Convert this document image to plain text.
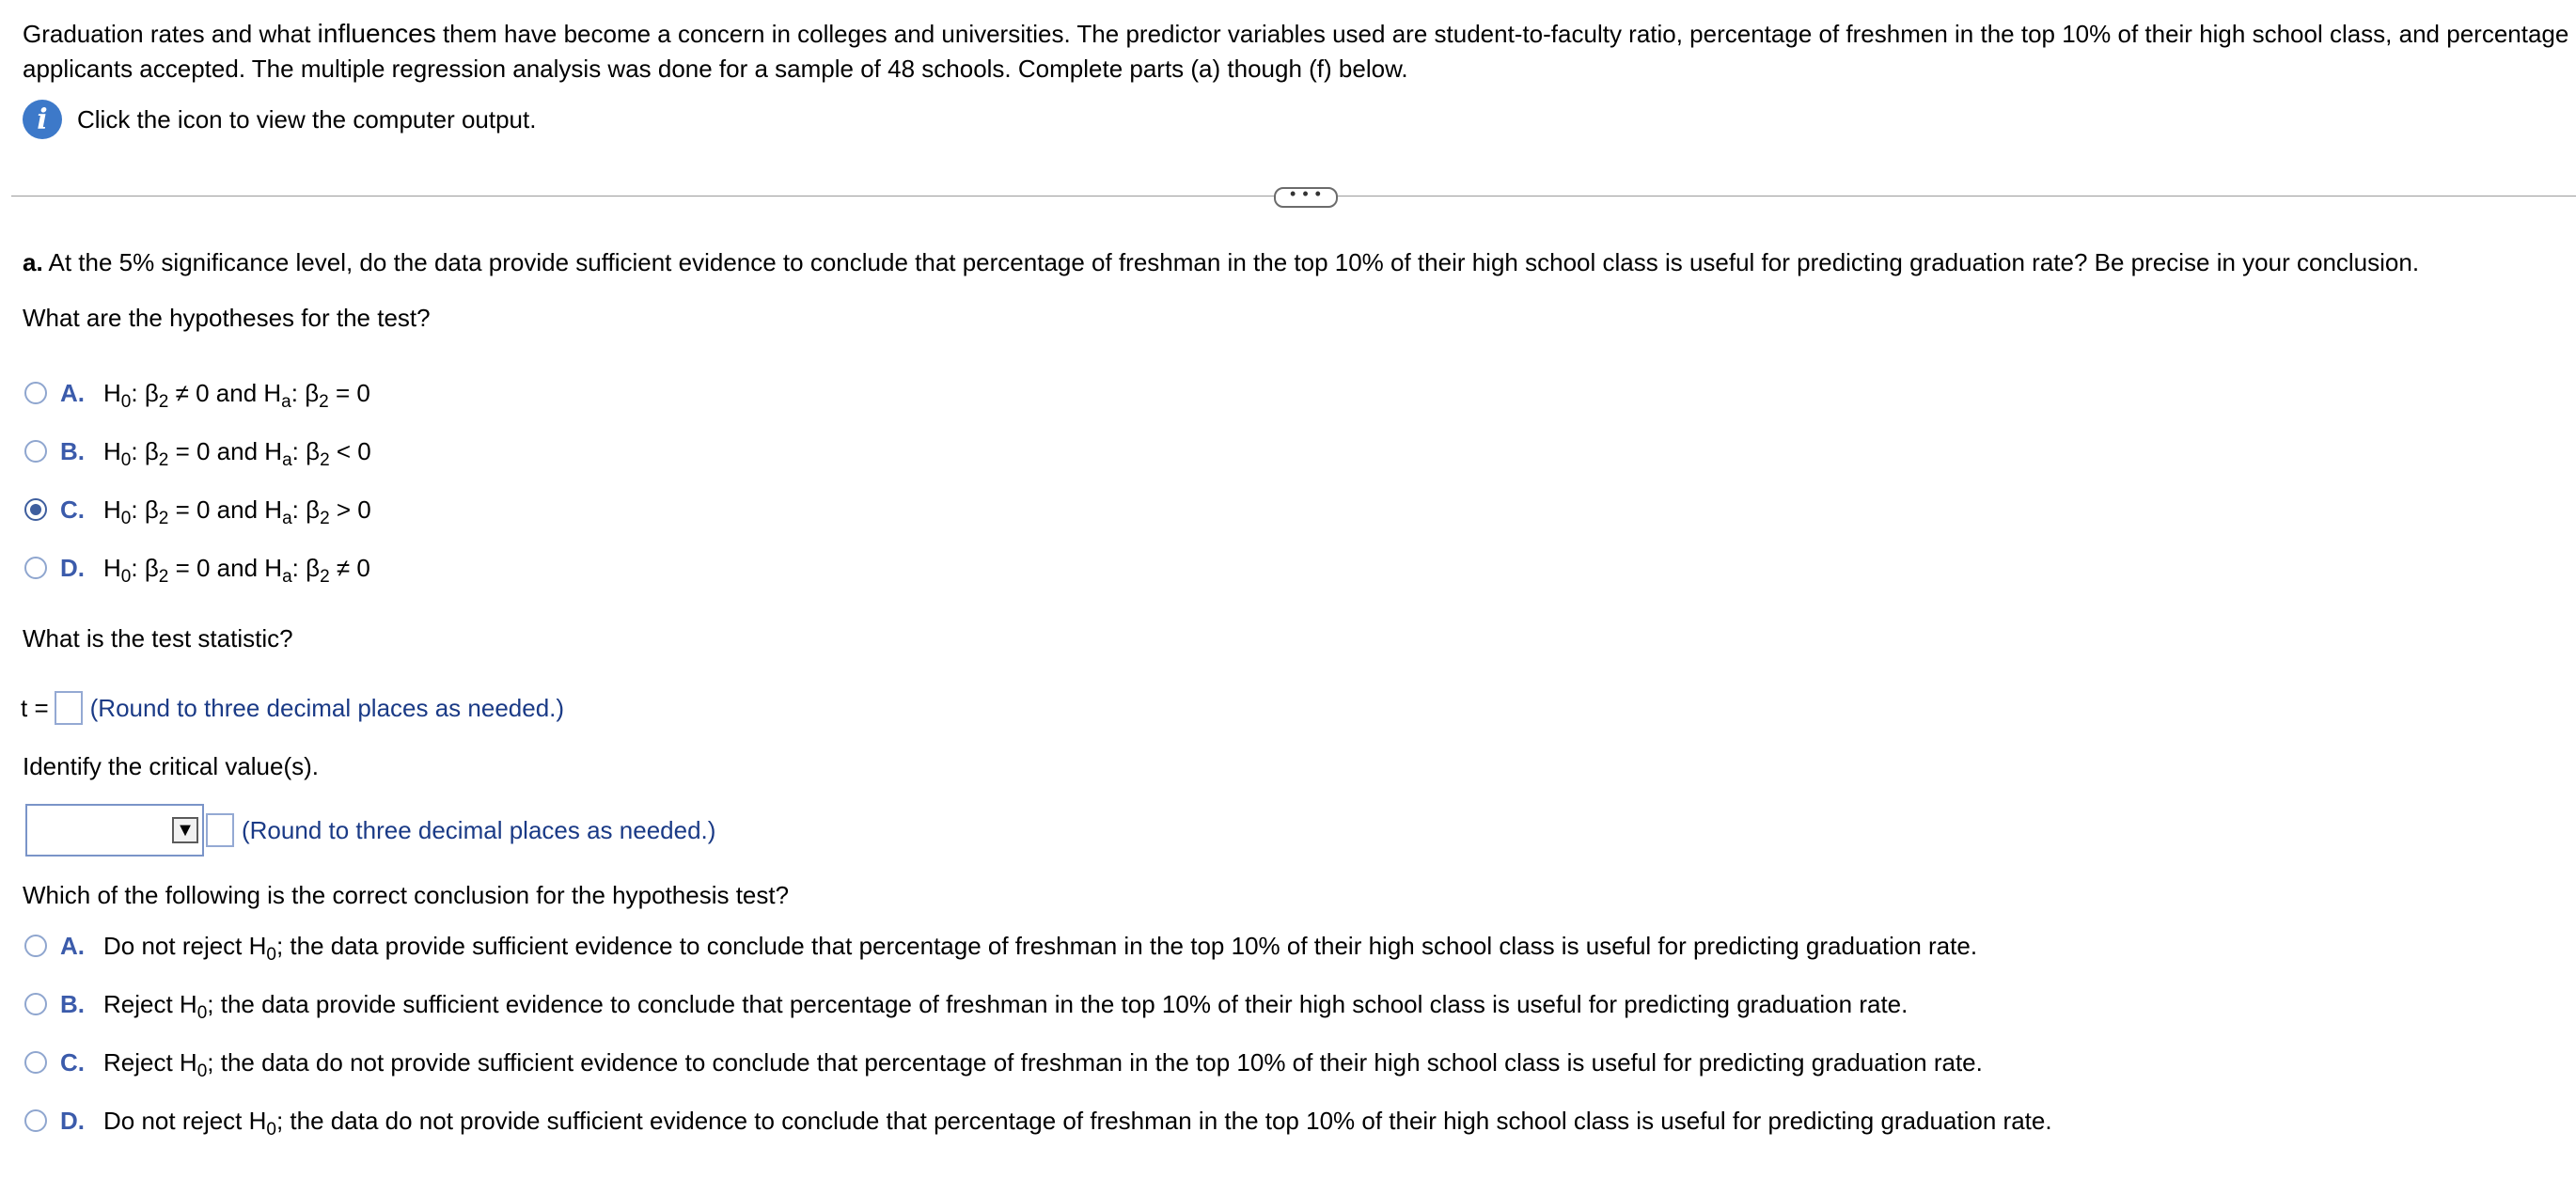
Graduation rates and what influences them have become a concern in colleges and universities. The predictor variables used are student-to-faculty ratio, percentage of freshmen in the top 10% of their high school class, and percentage
applicants accepted. The multiple regression analysis was done for a sample of 48 schools. Complete parts (a) though (f) below.
i	Click the icon to view the computer output.
• • •
a. At the 5% significance level, do the data provide sufficient evidence to conclude that percentage of freshman in the top 10% of their high school class is useful for predicting graduation rate? Be precise in your conclusion.
What are the hypotheses for the test?
A. $H_0$: $\beta_2 \ne 0$ and $H_a$: $\beta_2 = 0$
B. $H_0$: $\beta_2 = 0$ and $H_a$: $\beta_2 < 0$
C. $H_0$: $\beta_2 = 0$ and $H_a$: $\beta_2 > 0$
D. $H_0$: $\beta_2 = 0$ and $H_a$: $\beta_2 \ne 0$
What is the test statistic?
t = (Round to three decimal places as needed.)
Identify the critical value(s).
▼ (Round to three decimal places as needed.)
Which of the following is the correct conclusion for the hypothesis test?
A. Do not reject $H_0$; the data provide sufficient evidence to conclude that percentage of freshman in the top 10% of their high school class is useful for predicting graduation rate.
B. Reject $H_0$; the data provide sufficient evidence to conclude that percentage of freshman in the top 10% of their high school class is useful for predicting graduation rate.
C. Reject $H_0$; the data do not provide sufficient evidence to conclude that percentage of freshman in the top 10% of their high school class is useful for predicting graduation rate.
D. Do not reject $H_0$; the data do not provide sufficient evidence to conclude that percentage of freshman in the top 10% of their high school class is useful for predicting graduation rate.
